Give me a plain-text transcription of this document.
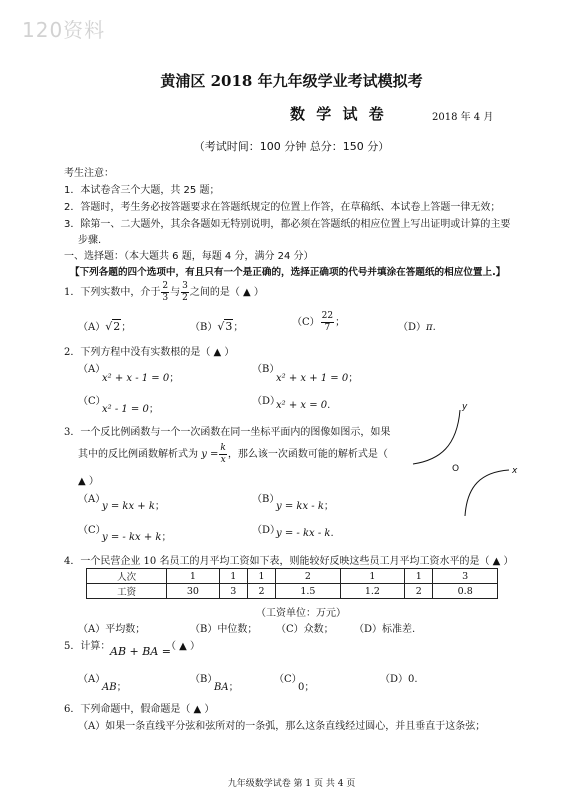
120资料
黄浦区 2018 年九年级学业考试模拟考
数 学 试 卷	2018 年 4 月
（考试时间：100 分钟 总分：150 分）
考生注意：
1．本试卷含三个大题，共 25 题；
2．答题时，考生务必按答题要求在答题纸规定的位置上作答，在草稿纸、本试卷上答题一律无效；
3．除第一、二大题外，其余各题如无特别说明，都必须在答题纸的相应位置上写出证明或计算的主要
步骤.
一、选择题：（本大题共 6 题，每题 4 分，满分 24 分）
【下列各题的四个选项中，有且只有一个是正确的，选择正确项的代号并填涂在答题纸的相应位置上.】
1．下列实数中，介于 $\frac{2}{3}$ 与 $\frac{3}{2}$ 之间的是（ ▲ ）
（A）√2；	（B）√3；	$(C) \frac{22}{7}$ ；	（D）π.
2．下列方程中没有实数根的是（ ▲ ）
（A）
x² + x - 1 = 0；
（B）
x² + x + 1 = 0；
（C）
x² - 1 = 0；
（D）
x² + x = 0.
3．一个反比例函数与一个一次函数在同一坐标平面内的图像如图示，如果
其中的反比例函数解析式为 $y = \frac{k}{x}$ ，那么该一次函数可能的解析式是（
▲ ）
（A）
y = kx + k；
（B）
y = kx - k；
（C）
y = - kx + k；
（D）
y = - kx - k.
y
O	x
4．一个民营企业 10 名员工的月平均工资如下表，则能较好反映这些员工月平均工资水平的是（ ▲ ）
人次	1	1	1	2	1	1	3
工资	30	3	2	1.5	1.2	2	0.8
（工资单位：万元）
（A）平均数；	（B）中位数； （C）众数； （D）标准差.
5．计算：	（ ▲ ）
AB + BA =
（A）
AB；
（B）
BA；
（C）
0；
（D）0.
6．下列命题中，假命题是（ ▲ ）
（A）如果一条直线平分弦和弦所对的一条弧，那么这条直线经过圆心，并且垂直于这条弦；
九年级数学试卷 第 1 页 共 4 页
